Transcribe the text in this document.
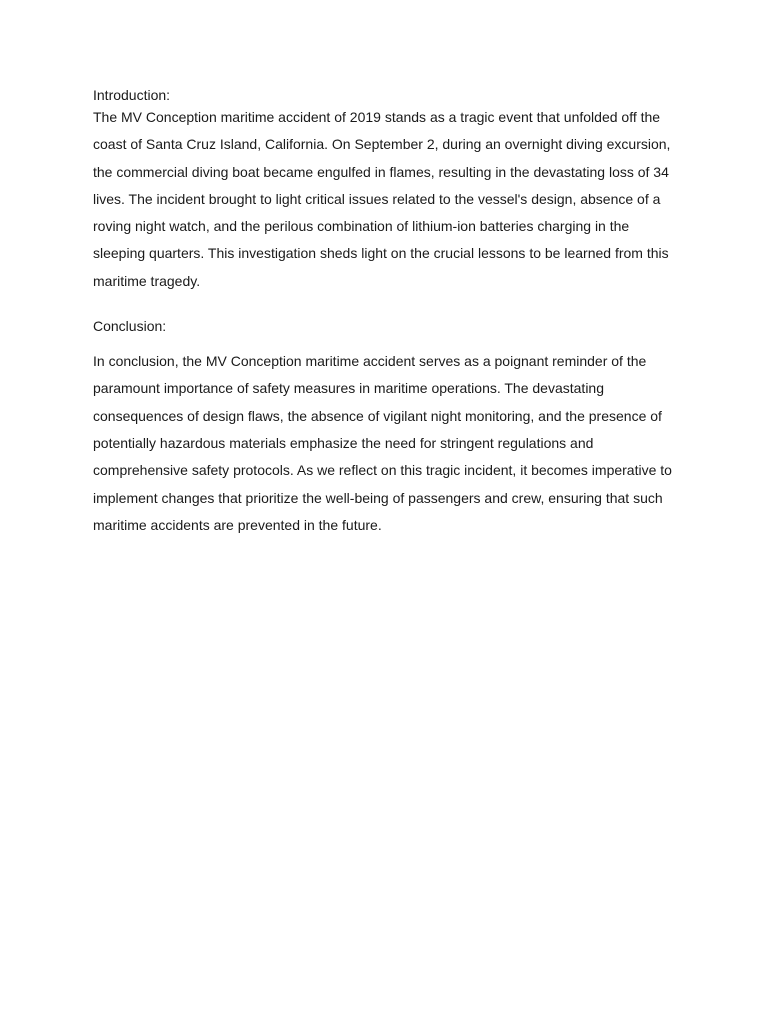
Introduction:

The MV Conception maritime accident of 2019 stands as a tragic event that unfolded off the coast of Santa Cruz Island, California. On September 2, during an overnight diving excursion, the commercial diving boat became engulfed in flames, resulting in the devastating loss of 34 lives. The incident brought to light critical issues related to the vessel's design, absence of a roving night watch, and the perilous combination of lithium-ion batteries charging in the sleeping quarters. This investigation sheds light on the crucial lessons to be learned from this maritime tragedy.

Conclusion:

In conclusion, the MV Conception maritime accident serves as a poignant reminder of the paramount importance of safety measures in maritime operations. The devastating consequences of design flaws, the absence of vigilant night monitoring, and the presence of potentially hazardous materials emphasize the need for stringent regulations and comprehensive safety protocols. As we reflect on this tragic incident, it becomes imperative to implement changes that prioritize the well-being of passengers and crew, ensuring that such maritime accidents are prevented in the future.
